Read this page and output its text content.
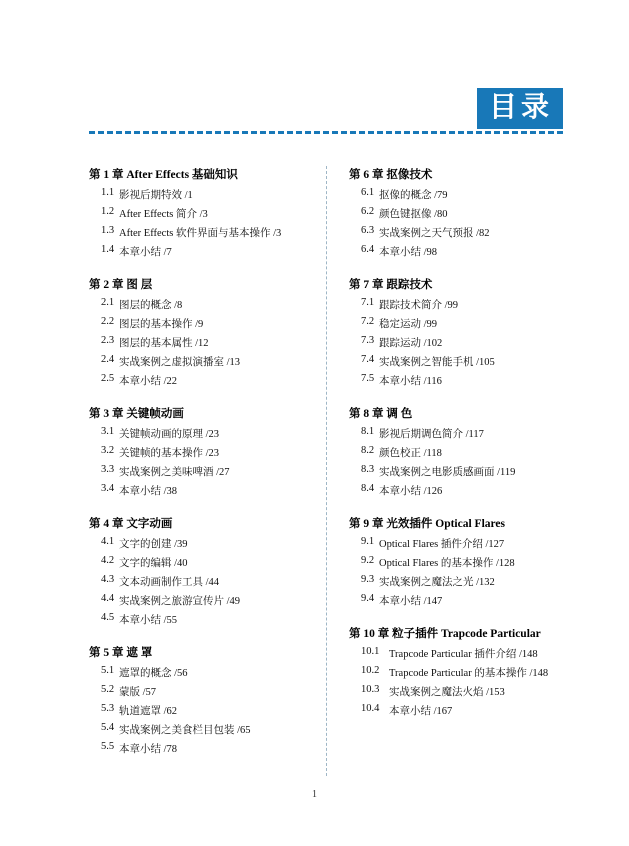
目录
第 1 章 After Effects 基础知识
1.1 影视后期特效 /1
1.2 After Effects 简介 /3
1.3 After Effects 软件界面与基本操作 /3
1.4 本章小结 /7
第 2 章 图 层
2.1 图层的概念 /8
2.2 图层的基本操作 /9
2.3 图层的基本属性 /12
2.4 实战案例之虚拟演播室 /13
2.5 本章小结 /22
第 3 章 关键帧动画
3.1 关键帧动画的原理 /23
3.2 关键帧的基本操作 /23
3.3 实战案例之美味啤酒 /27
3.4 本章小结 /38
第 4 章 文字动画
4.1 文字的创建 /39
4.2 文字的编辑 /40
4.3 文本动画制作工具 /44
4.4 实战案例之旅游宣传片 /49
4.5 本章小结 /55
第 5 章 遮 罩
5.1 遮罩的概念 /56
5.2 蒙版 /57
5.3 轨道遮罩 /62
5.4 实战案例之美食栏目包装 /65
5.5 本章小结 /78
第 6 章 抠像技术
6.1 抠像的概念 /79
6.2 颜色键抠像 /80
6.3 实战案例之天气预报 /82
6.4 本章小结 /98
第 7 章 跟踪技术
7.1 跟踪技术简介 /99
7.2 稳定运动 /99
7.3 跟踪运动 /102
7.4 实战案例之智能手机 /105
7.5 本章小结 /116
第 8 章 调 色
8.1 影视后期调色简介 /117
8.2 颜色校正 /118
8.3 实战案例之电影质感画面 /119
8.4 本章小结 /126
第 9 章 光效插件 Optical Flares
9.1 Optical Flares 插件介绍 /127
9.2 Optical Flares 的基本操作 /128
9.3 实战案例之魔法之光 /132
9.4 本章小结 /147
第 10 章 粒子插件 Trapcode Particular
10.1 Trapcode Particular 插件介绍 /148
10.2 Trapcode Particular 的基本操作 /148
10.3 实战案例之魔法火焰 /153
10.4 本章小结 /167
1
